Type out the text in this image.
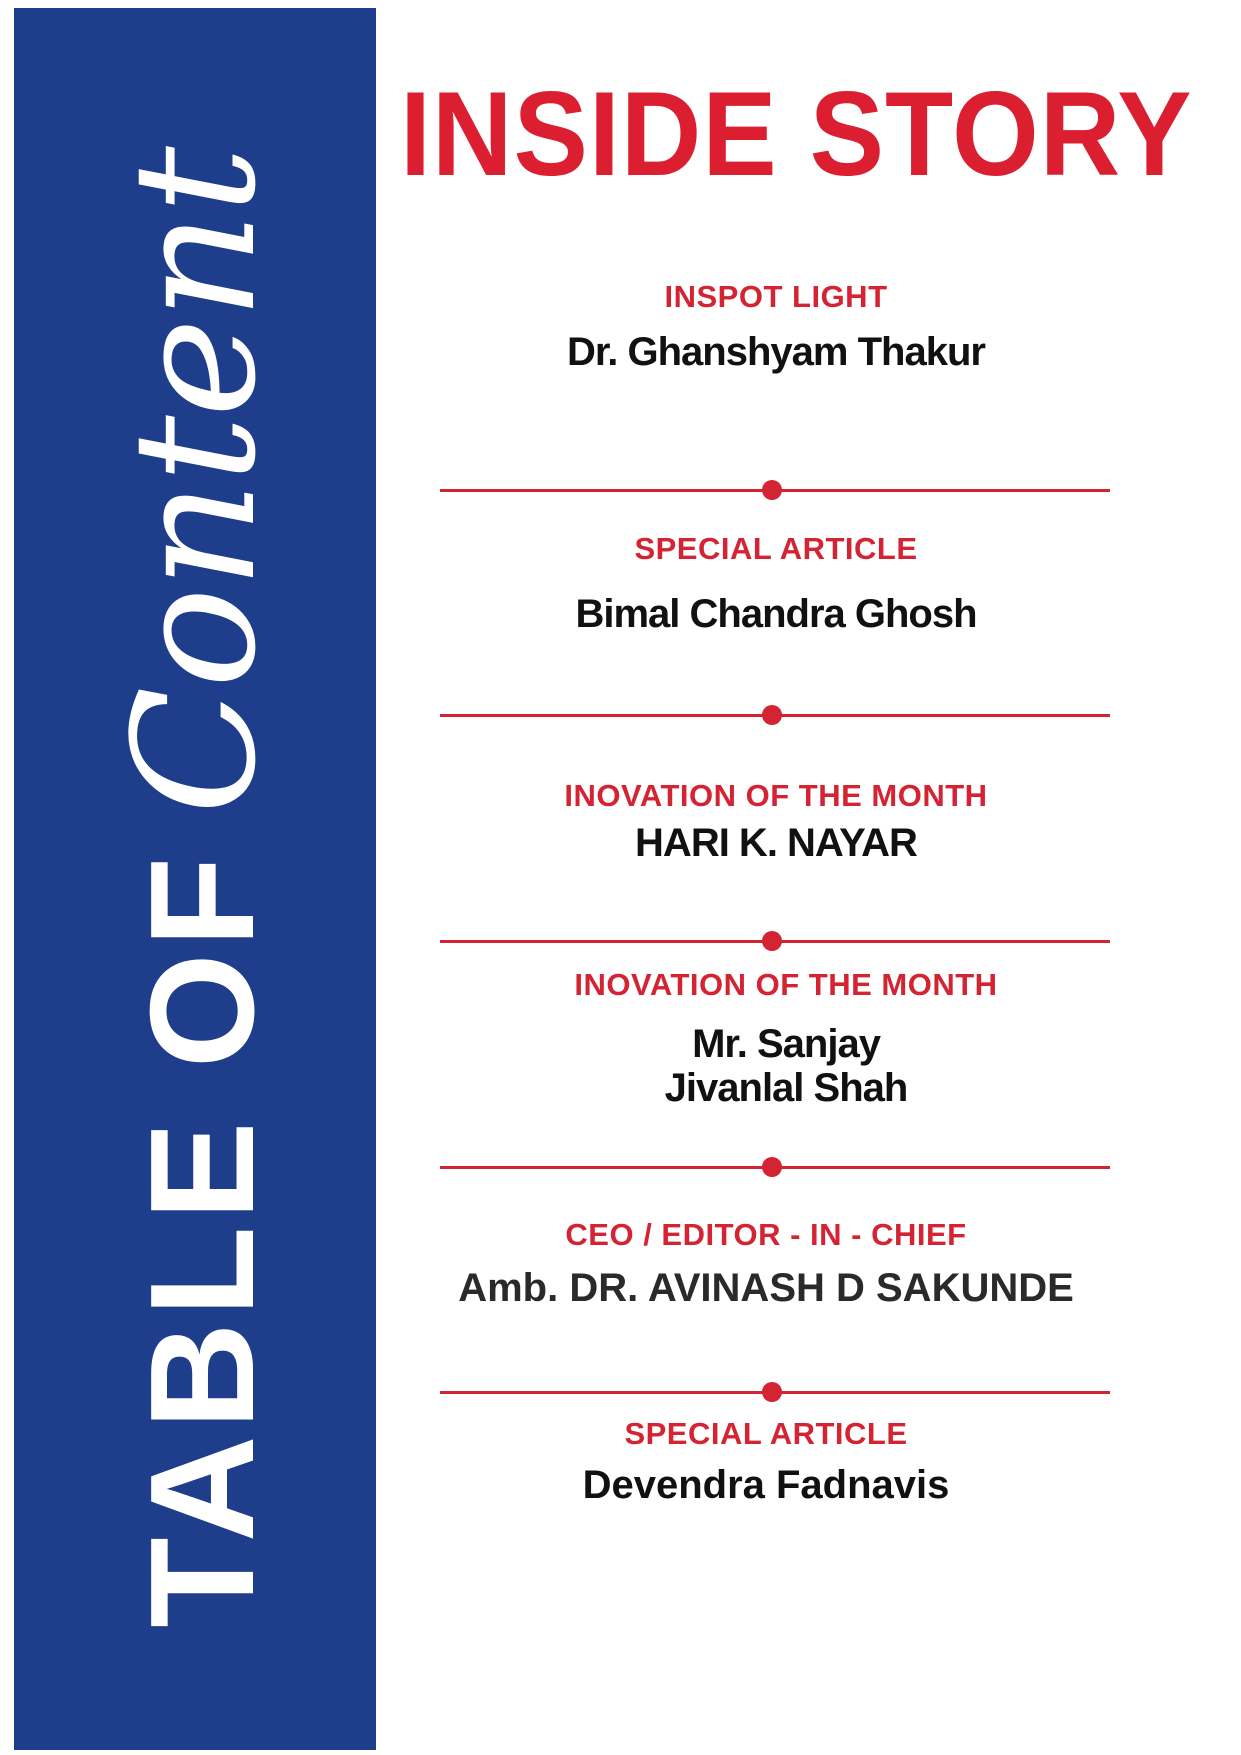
TABLE OF
Content
INSIDE STORY
INSPOT LIGHT
Dr. Ghanshyam Thakur
SPECIAL ARTICLE
Bimal Chandra Ghosh
INOVATION OF THE MONTH
HARI K. NAYAR
INOVATION OF THE MONTH
Mr. Sanjay
Jivanlal Shah
CEO / EDITOR - IN - CHIEF
Amb. DR. AVINASH D SAKUNDE
SPECIAL ARTICLE
Devendra Fadnavis
